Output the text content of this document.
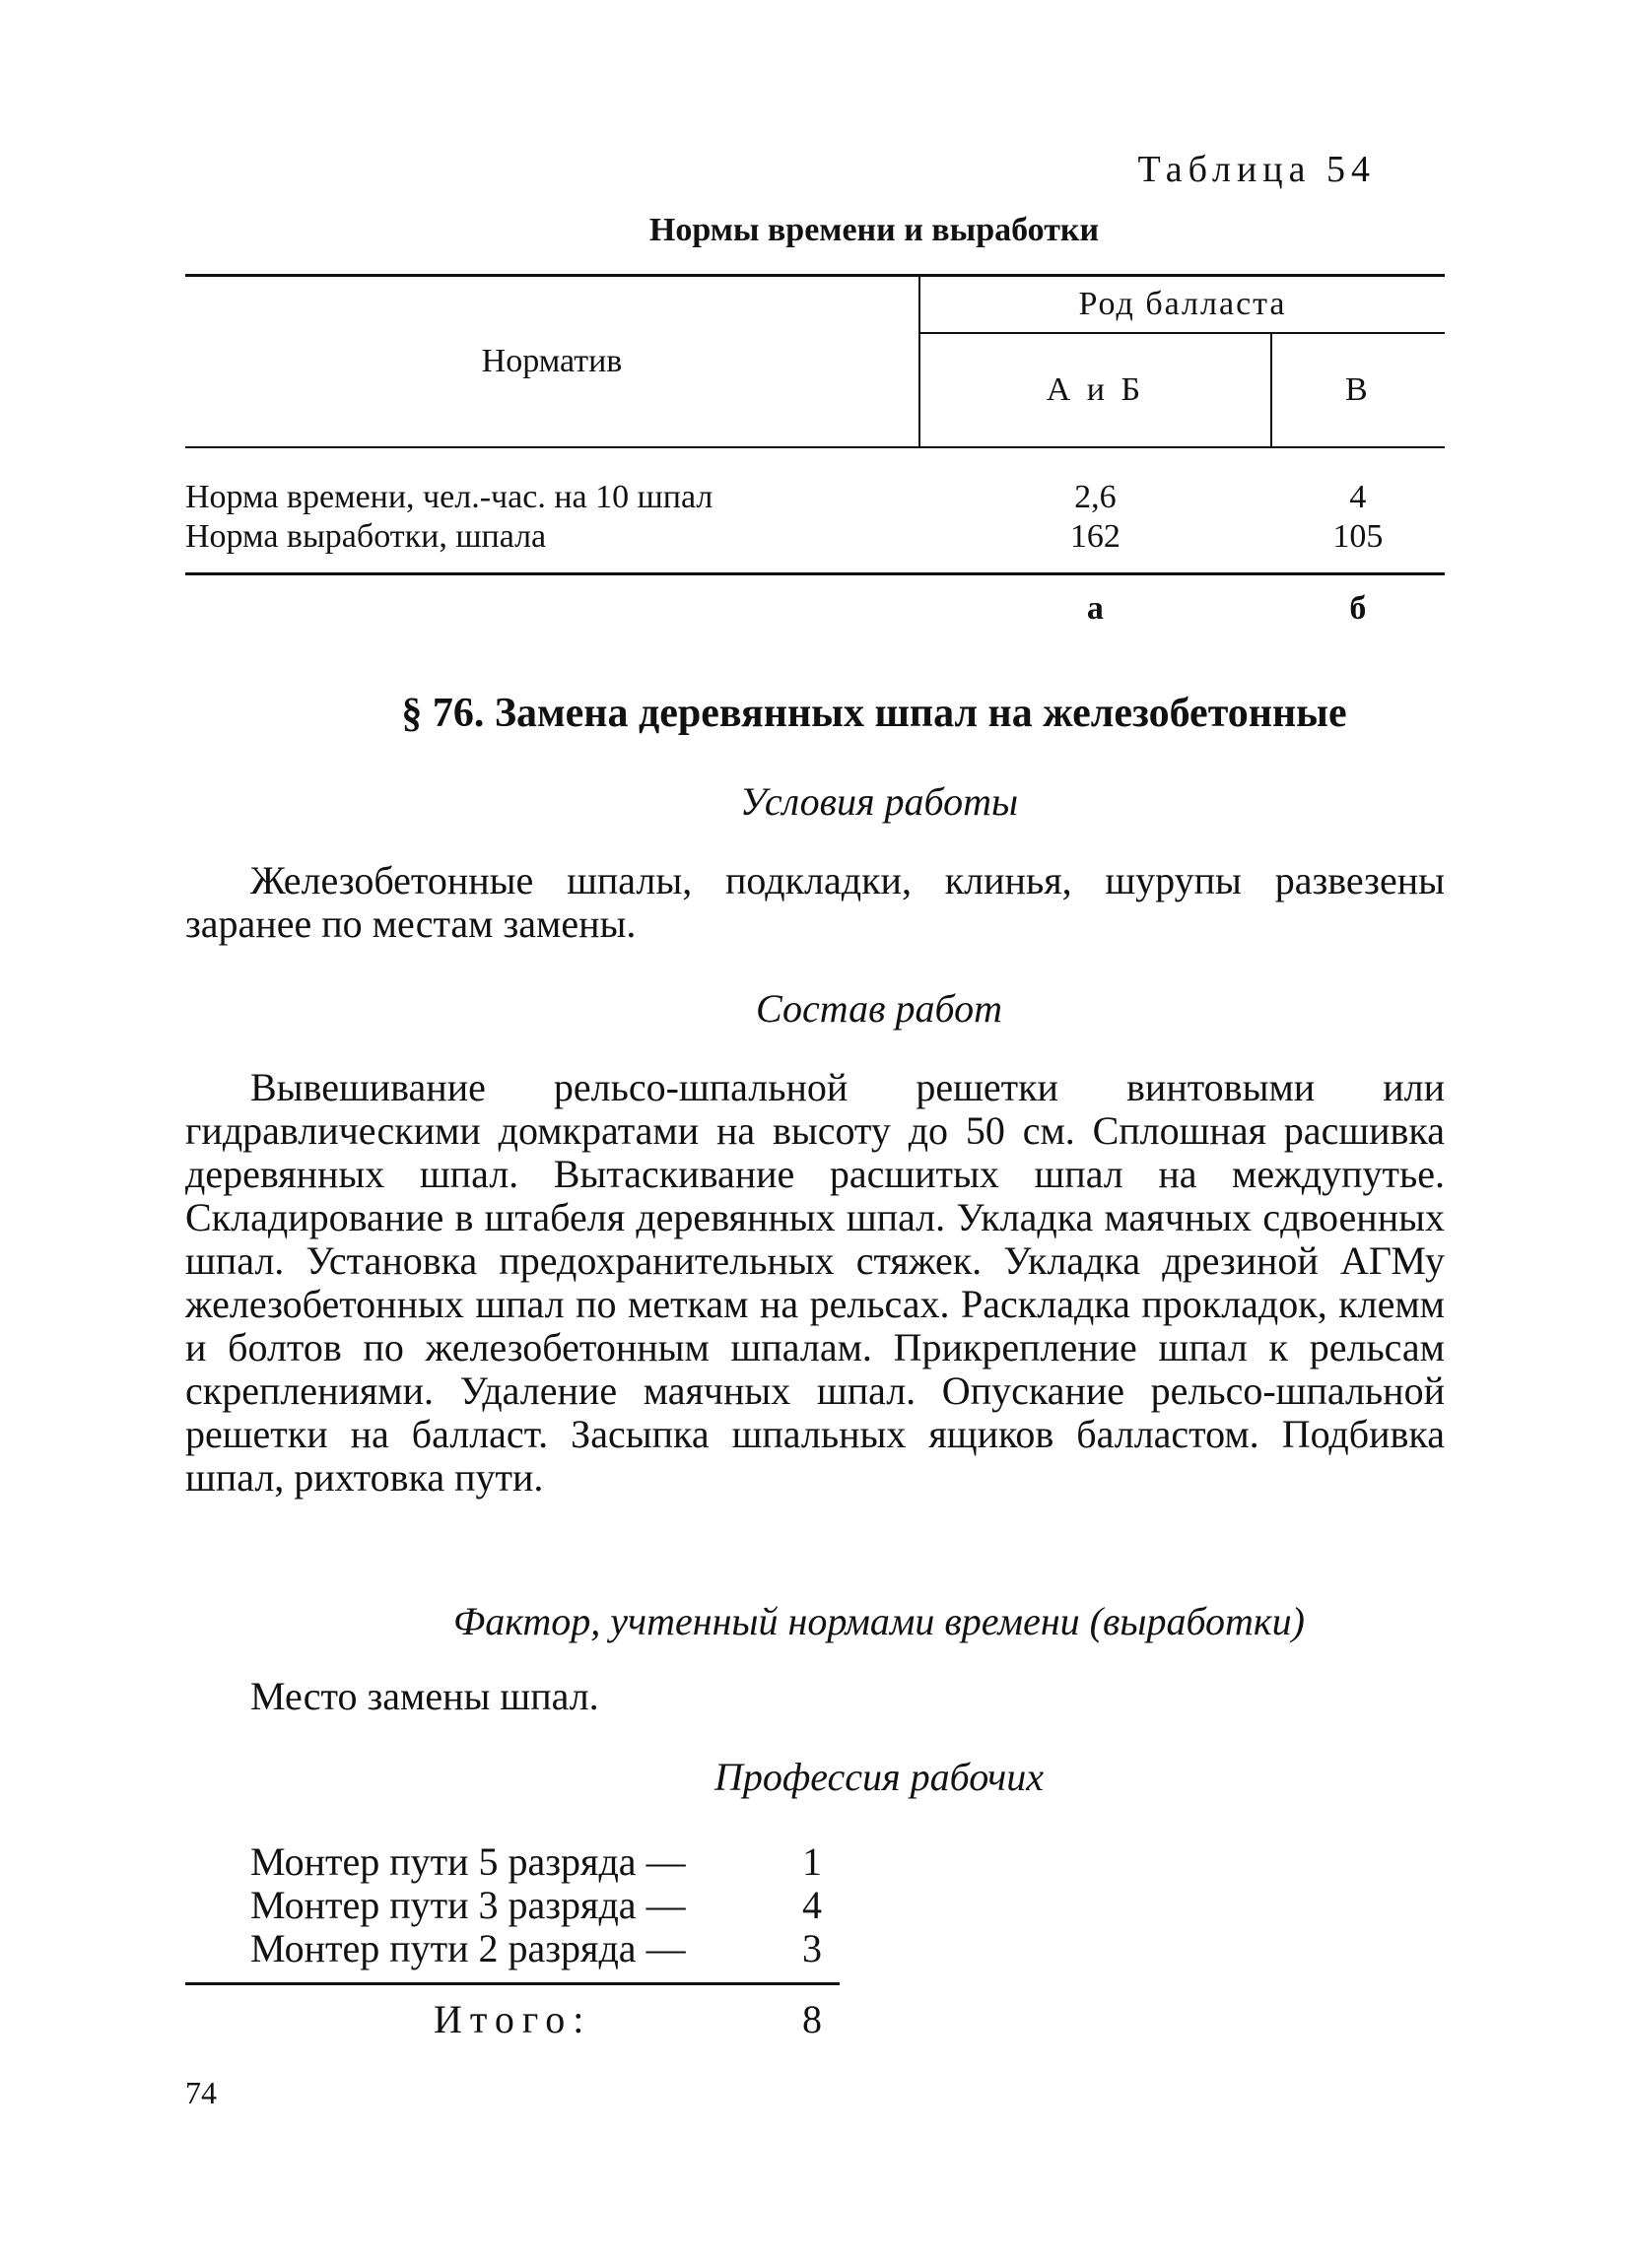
Таблица 54
Нормы времени и выработки
Норматив	Род балласта	
	А и Б	В
Норма времени, чел.-час. на 10 шпал	2,6	4
Норма выработки, шпала	162	105
	а	б
§ 76. Замена деревянных шпал на железобетонные
Условия работы

Железобетонные шпалы, подкладки, клинья, шурупы развезены заранее по местам замены.

Состав работ

Вывешивание рельсо-шпальной решетки винтовыми или гидравлическими домкратами на высоту до 50 см. Сплошная расшивка деревянных шпал. Вытаскивание расшитых шпал на междупутье. Складирование в штабеля деревянных шпал. Укладка маячных сдвоенных шпал. Установка предохранительных стяжек. Укладка дрезиной АГМу железобетонных шпал по меткам на рельсах. Раскладка прокладок, клемм и болтов по железобетонным шпалам. Прикрепление шпал к рельсам скреплениями. Удаление маячных шпал. Опускание рельсо-шпальной решетки на балласт. Засыпка шпальных ящиков балластом. Подбивка шпал, рихтовка пути.

Фактор, учтенный нормами времени (выработки)

Место замены шпал.

Профессия рабочих
Монтер пути 5 разряда —	1
Монтер пути 3 разряда —	4
Монтер пути 2 разряда —	3
Итого:	8
74
